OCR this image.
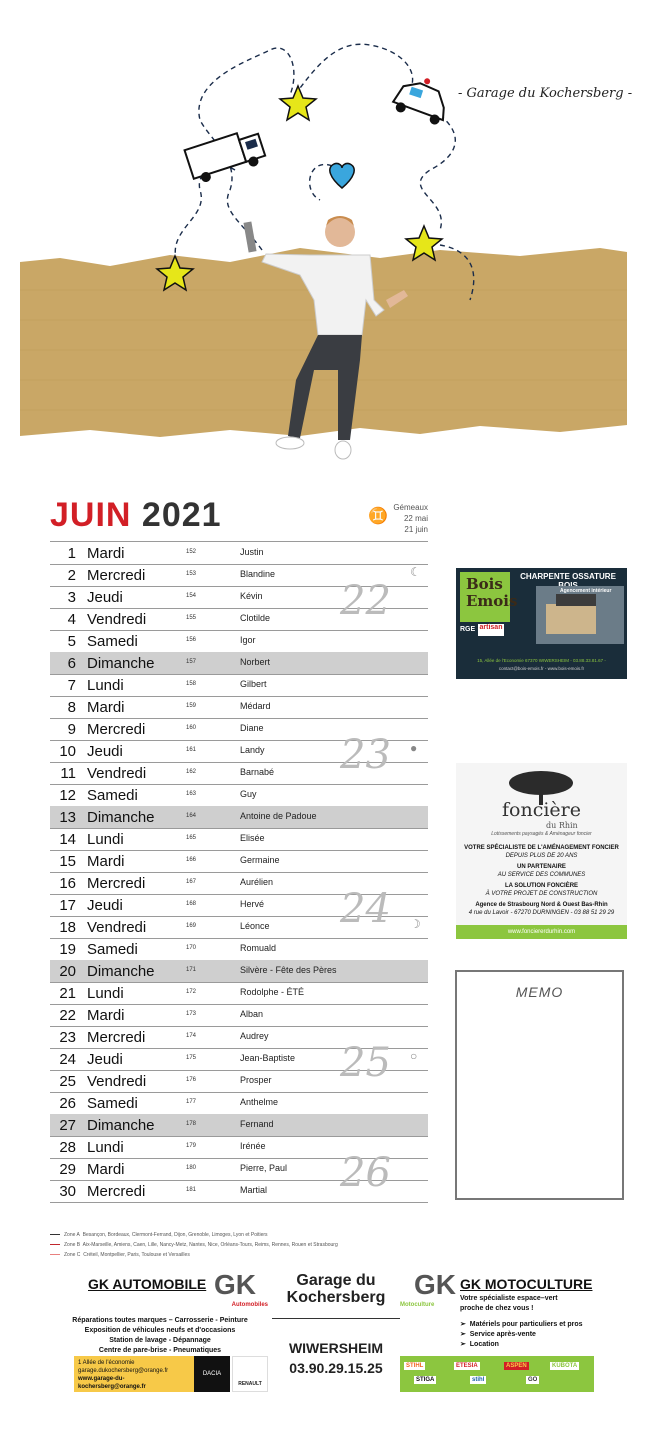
- Garage du Kochersberg -
JUIN 2021	♊
Gémeaux
22 mai
21 juin
1 Mardi	152	Justin
2 Mercredi	153	Blandine	☾
3 Jeudi	154	Kévin
4 Vendredi	155	Clotilde
5 Samedi	156	Igor
6 Dimanche	157	Norbert
7 Lundi	158	Gilbert
8 Mardi	159	Médard
9 Mercredi	160	Diane
10 Jeudi	161	Landy	●
11 Vendredi	162	Barnabé
12 Samedi	163	Guy
13 Dimanche	164	Antoine de Padoue
14 Lundi	165	Elisée
15 Mardi	166	Germaine
16 Mercredi	167	Aurélien
17 Jeudi	168	Hervé
18 Vendredi	169	Léonce	☽
19 Samedi	170	Romuald
20 Dimanche	171	Silvère - Fête des Pères
21 Lundi	172	Rodolphe - ÉTÉ
22 Mardi	173	Alban
23 Mercredi	174	Audrey
24 Jeudi	175	Jean-Baptiste	○
25 Vendredi	176	Prosper
26 Samedi	177	Anthelme
27 Dimanche	178	Fernand
28 Lundi	179	Irénée
29 Mardi	180	Pierre, Paul
30 Mercredi	181	Martial
22
23
24
25
26
Bois
Emois
CHARPENTE OSSATURE
Agencement intérieur
RGE artisan
15, Allée de l'Economie 67370 WIWERSHEIM - 03.88.33.81.67 -
contact@bois-emois.fr - www.bois-emois.fr
foncière
du Rhin
Lotissements paysagés & Aménageur foncier
VOTRE SPÉCIALISTE DE L'AMÉNAGEMENT FONCIER
DEPUIS PLUS DE 20 ANS
UN PARTENAIRE
AU SERVICE DES COMMUNES
LA SOLUTION FONCIÈRE
À VOTRE PROJET DE CONSTRUCTION
Agence de Strasbourg Nord & Ouest Bas-Rhin
4 rue du Lavoir - 67270 DURNINGEN - 03 88 51 29 29
www.fonciererdurhin.com
MEMO
Zone A Besançon, Bordeaux, Clermont-Ferrand, Dijon, Grenoble, Limoges, Lyon et Poitiers
Zone B Aix-Marseille, Amiens, Caen, Lille, Nancy-Metz, Nantes, Nice, Orléans-Tours, Reims, Rennes, Rouen et Strasbourg
Zone C Créteil, Montpellier, Paris, Toulouse et Versailles
GK AUTOMOBILE GK
Automobiles
Réparations toutes marques – Carrosserie - Peinture
Exposition de véhicules neufs et d'occasions
Station de lavage - Dépannage
Centre de pare-brise - Pneumatiques
1 Allée de l'économie
garage.dukochersberg@orange.fr
www.garage-du-kochersberg@orange.fr
DACIA
RENAULT
Garage du Kochersberg
WIWERSHEIM
03.90.29.15.25
GK
Motoculture
GK MOTOCULTURE
Votre spécialiste espace–vert proche de chez vous !
➢  Matériels pour particuliers et pros
➢  Service après-vente
➢  Location
STIHL	ETESIA	ASPEN	KUBOTA
STIGA	stihl	GO
